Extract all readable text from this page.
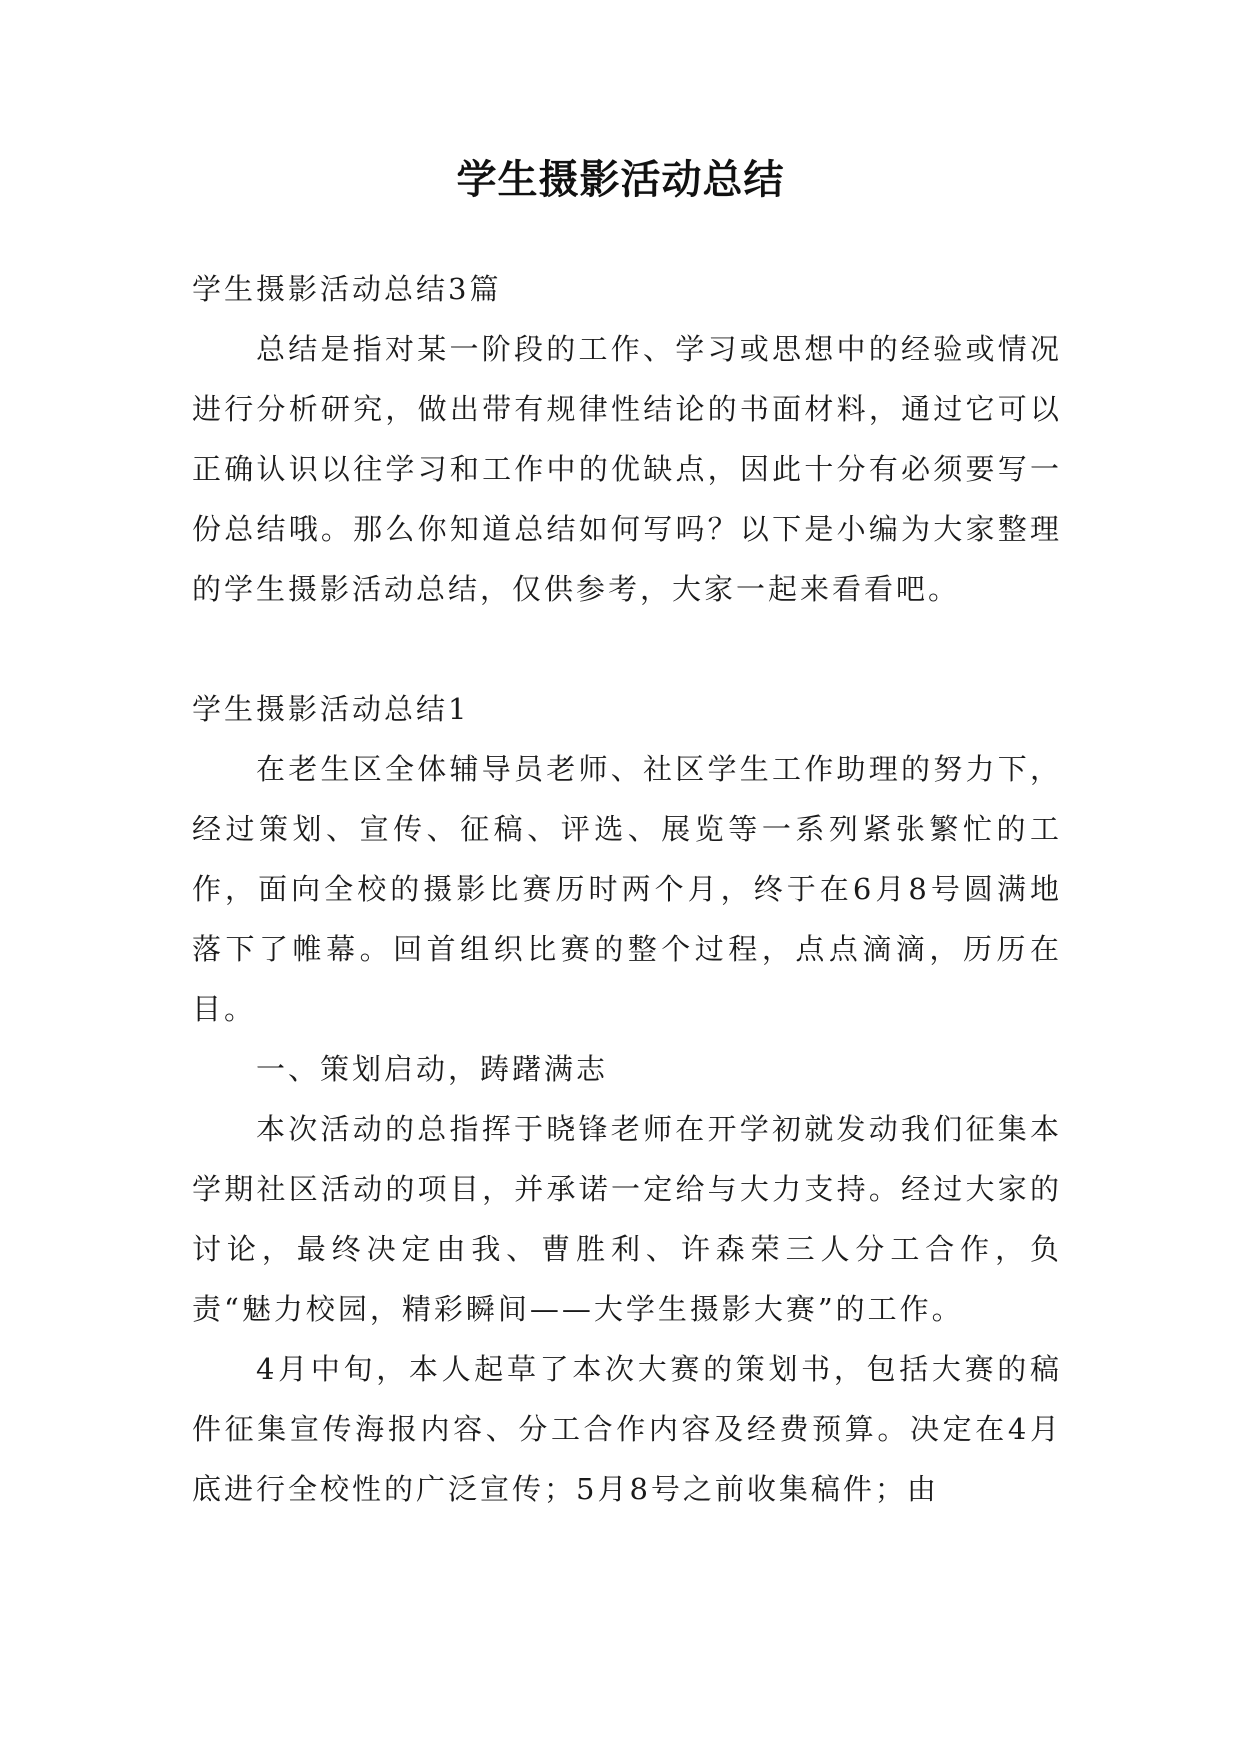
学生摄影活动总结

学生摄影活动总结3篇

总结是指对某一阶段的工作、学习或思想中的经验或情况进行分析研究，做出带有规律性结论的书面材料，通过它可以正确认识以往学习和工作中的优缺点，因此十分有必须要写一份总结哦。那么你知道总结如何写吗？以下是小编为大家整理的学生摄影活动总结，仅供参考，大家一起来看看吧。

学生摄影活动总结1

在老生区全体辅导员老师、社区学生工作助理的努力下，经过策划、宣传、征稿、评选、展览等一系列紧张繁忙的工作，面向全校的摄影比赛历时两个月，终于在6月8号圆满地落下了帷幕。回首组织比赛的整个过程，点点滴滴，历历在目。

一、策划启动，踌躇满志

本次活动的总指挥于晓锋老师在开学初就发动我们征集本学期社区活动的项目，并承诺一定给与大力支持。经过大家的讨论，最终决定由我、曹胜利、许森荣三人分工合作，负责“魅力校园，精彩瞬间——大学生摄影大赛”的工作。

4月中旬，本人起草了本次大赛的策划书，包括大赛的稿件征集宣传海报内容、分工合作内容及经费预算。决定在4月底进行全校性的广泛宣传；5月8号之前收集稿件；由
